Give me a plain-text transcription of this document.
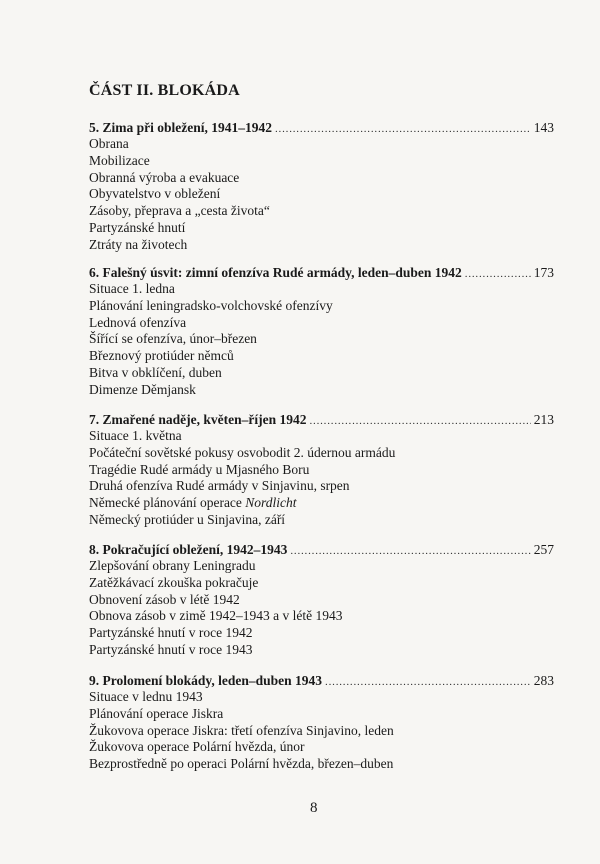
ČÁST II. BLOKÁDA
5. Zima při obležení, 1941–1942 .....	143
Obrana
Mobilizace
Obranná výroba a evakuace
Obyvatelstvo v obležení
Zásoby, přeprava a „cesta života“
Partyzánské hnutí
Ztráty na životech
6. Falešný úsvit: zimní ofenzíva Rudé armády, leden–duben 1942 .....	173
Situace 1. ledna
Plánování leningradsko-volchovské ofenzívy
Lednová ofenzíva
Šířící se ofenzíva, únor–březen
Březnový protiúder němců
Bitva v obklíčení, duben
Dimenze Děmjansk
7. Zmařené naděje, květen–říjen 1942 .....	213
Situace 1. května
Počáteční sovětské pokusy osvobodit 2. údernou armádu
Tragédie Rudé armády u Mjasného Boru
Druhá ofenzíva Rudé armády v Sinjavinu, srpen
Německé plánování operace Nordlicht
Německý protiúder u Sinjavina, září
8. Pokračující obležení, 1942–1943 .....	257
Zlepšování obrany Leningradu
Zatěžkávací zkouška pokračuje
Obnovení zásob v létě 1942
Obnova zásob v zimě 1942–1943 a v létě 1943
Partyzánské hnutí v roce 1942
Partyzánské hnutí v roce 1943
9. Prolomení blokády, leden–duben 1943 .....	283
Situace v lednu 1943
Plánování operace Jiskra
Žukovova operace Jiskra: třetí ofenzíva Sinjavino, leden
Žukovova operace Polární hvězda, únor
Bezprostředně po operaci Polární hvězda, březen–duben
8
